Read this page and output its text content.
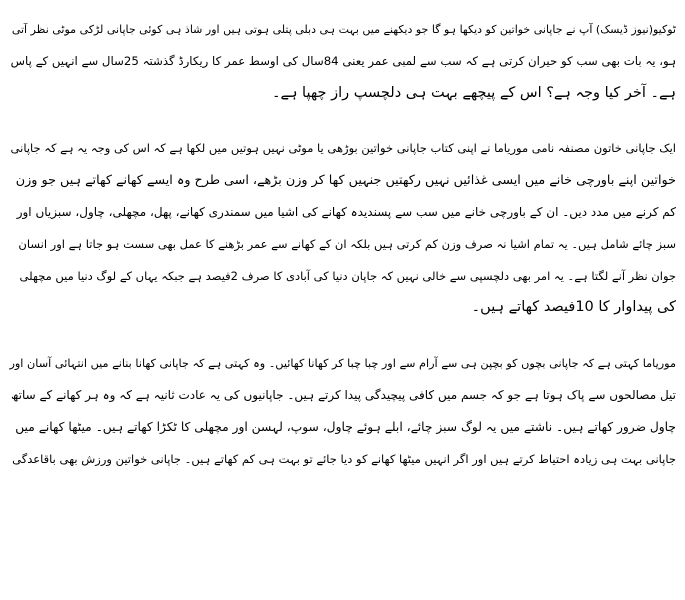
ٹوکیو(نیوز ڈیسک) آپ نے جاپانی خواتین کو دیکھا ہو گا جو دیکھنے میں بہت ہی دبلی پتلی ہوتی ہیں اور شاذ ہی کوئی جاپانی لڑکی موٹی نظر آتی
ہو، یہ بات بھی سب کو حیران کرتی ہے کہ سب سے لمبی عمر یعنی 84سال کی اوسط عمر کا ریکارڈ گذشتہ 25سال سے انہیں کے پاس
ہے۔ آخر کیا وجہ ہے؟ اس کے پیچھے بہت ہی دلچسپ راز چھپا ہے۔
ایک جاپانی خاتون مصنفہ نامی موریاما نے اپنی کتاب جاپانی خواتین بوڑھی یا موٹی نہیں ہوتیں میں لکھا ہے کہ اس کی وجہ یہ ہے کہ جاپانی
خواتین اپنے باورچی خانے میں ایسی غذائیں نہیں رکھتیں جنہیں کھا کر وزن بڑھے، اسی طرح وہ ایسے کھانے کھاتے ہیں جو وزن
کم کرنے میں مدد دیں۔ ان کے باورچی خانے میں سب سے پسندیدہ کھانے کی اشیا میں سمندری کھانے، پھل، مچھلی، چاول، سبزیاں اور
سبز چائے شامل ہیں۔ یہ تمام اشیا نہ صرف وزن کم کرتی ہیں بلکہ ان کے کھانے سے عمر بڑھنے کا عمل بھی سست ہو جاتا ہے اور انسان
جوان نظر آنے لگتا ہے۔ یہ امر بھی دلچسپی سے خالی نہیں کہ جاپان دنیا کی آبادی کا صرف 2فیصد ہے جبکہ یہاں کے لوگ دنیا میں مچھلی
کی پیداوار کا 10فیصد کھاتے ہیں۔
موریاما کہتی ہے کہ جاپانی بچوں کو بچپن ہی سے آرام سے اور چبا چبا کر کھانا کھائیں۔ وہ کہتی ہے کہ جاپانی کھانا بنانے میں انتہائی آسان اور
تیل مصالحوں سے پاک ہوتا ہے جو کہ جسم میں کافی پیچیدگی پیدا کرتے ہیں۔ جاپانیوں کی یہ عادت ثانیہ ہے کہ وہ ہر کھانے کے ساتھ
چاول ضرور کھاتے ہیں۔ ناشتے میں یہ لوگ سبز چائے، ابلے ہوئے چاول، سوپ، لہسن اور مچھلی کا ٹکڑا کھاتے ہیں۔ میٹھا کھانے میں
جاپانی بہت ہی زیادہ احتیاط کرتے ہیں اور اگر انہیں میٹھا کھانے کو دیا جائے تو بہت ہی کم کھاتے ہیں۔ جاپانی خواتین ورزش بھی باقاعدگی
